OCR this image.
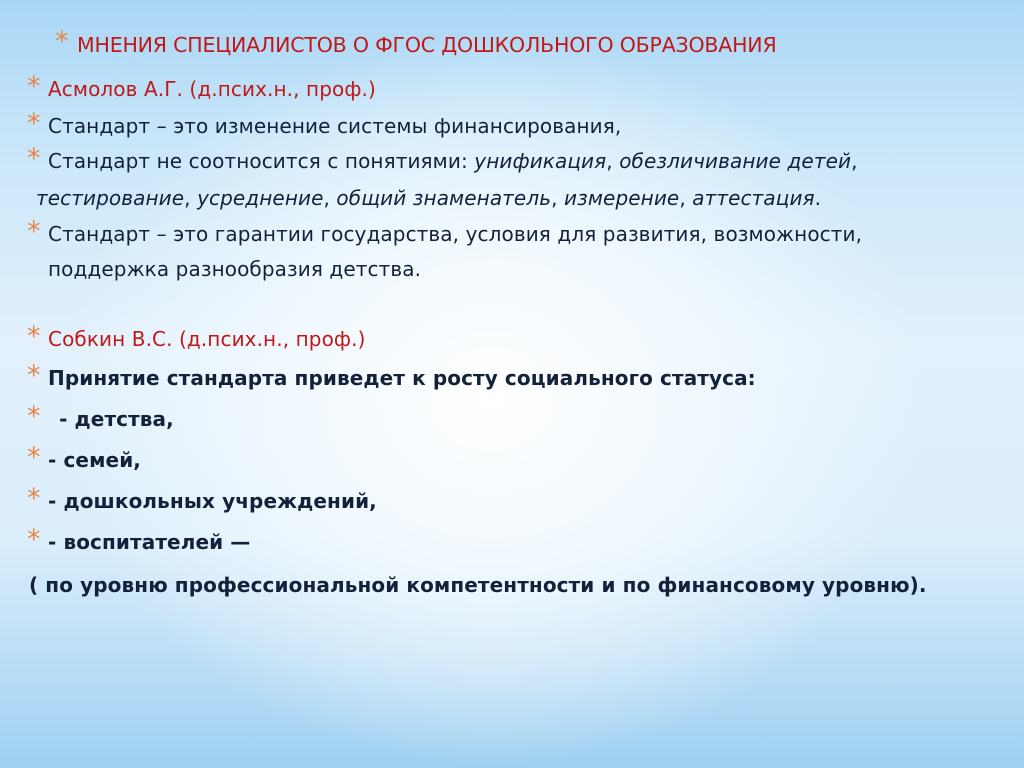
* МНЕНИЯ СПЕЦИАЛИСТОВ О ФГОС ДОШКОЛЬНОГО ОБРАЗОВАНИЯ
* Асмолов А.Г. (д.псих.н., проф.)
* Стандарт – это изменение системы финансирования,
* Стандарт не соотносится с понятиями: унификация, обезличивание детей,
тестирование, усреднение, общий знаменатель, измерение, аттестация.
* Стандарт – это гарантии государства, условия для развития, возможности,
поддержка разнообразия детства.
* Собкин В.С. (д.псих.н., проф.)
* Принятие стандарта приведет к росту социального статуса:
* - детства,
* - семей,
* - дошкольных учреждений,
* - воспитателей —
( по уровню профессиональной компетентности и по финансовому уровню).
